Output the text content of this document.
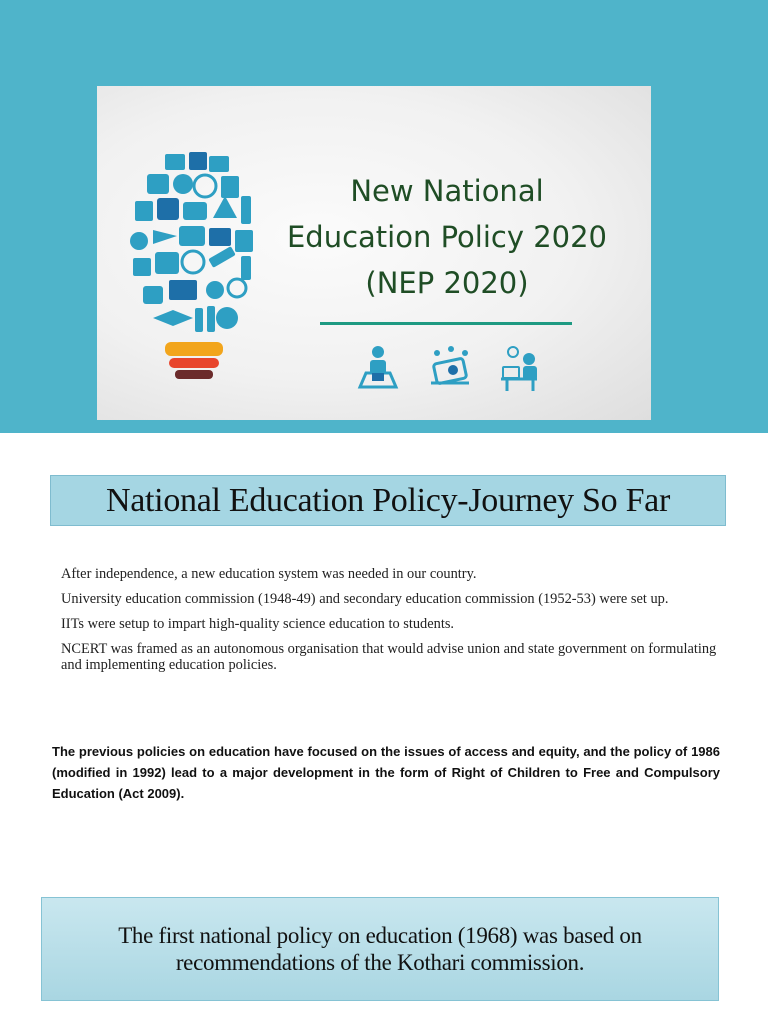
New National
Education Policy 2020
(NEP 2020)
National Education Policy-Journey So Far

After independence, a new education system was needed in our country.

University education commission (1948-49) and secondary education commission (1952-53) were set up.

IITs were setup to impart high-quality science education to students.

NCERT was framed as an autonomous organisation that would advise union and state government on formulating and implementing education policies.

The previous policies on education have focused on the issues of access and equity, and the policy of 1986 (modified in 1992) lead to a major development in the form of Right of Children to Free and Compulsory Education (Act 2009).
The first national policy on education (1968) was based on recommendations of the Kothari commission.
